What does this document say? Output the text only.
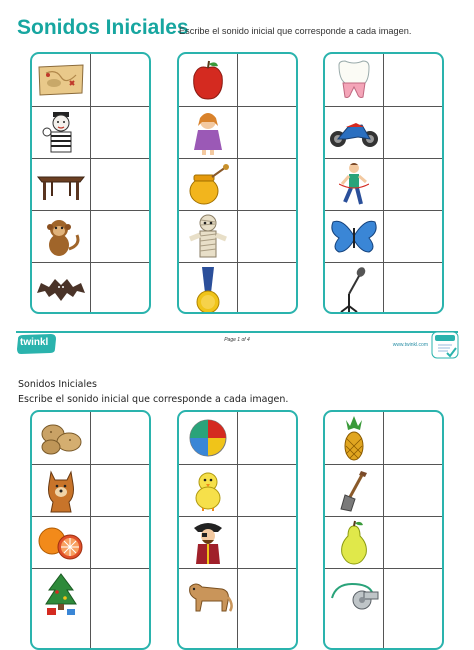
Sonidos Iniciales
Escribe el sonido inicial que corresponde a cada imagen.
twinkl	Page 1 of 4
www.twinkl.com
Sonidos Iniciales
Escribe el sonido inicial que corresponde a cada imagen.
